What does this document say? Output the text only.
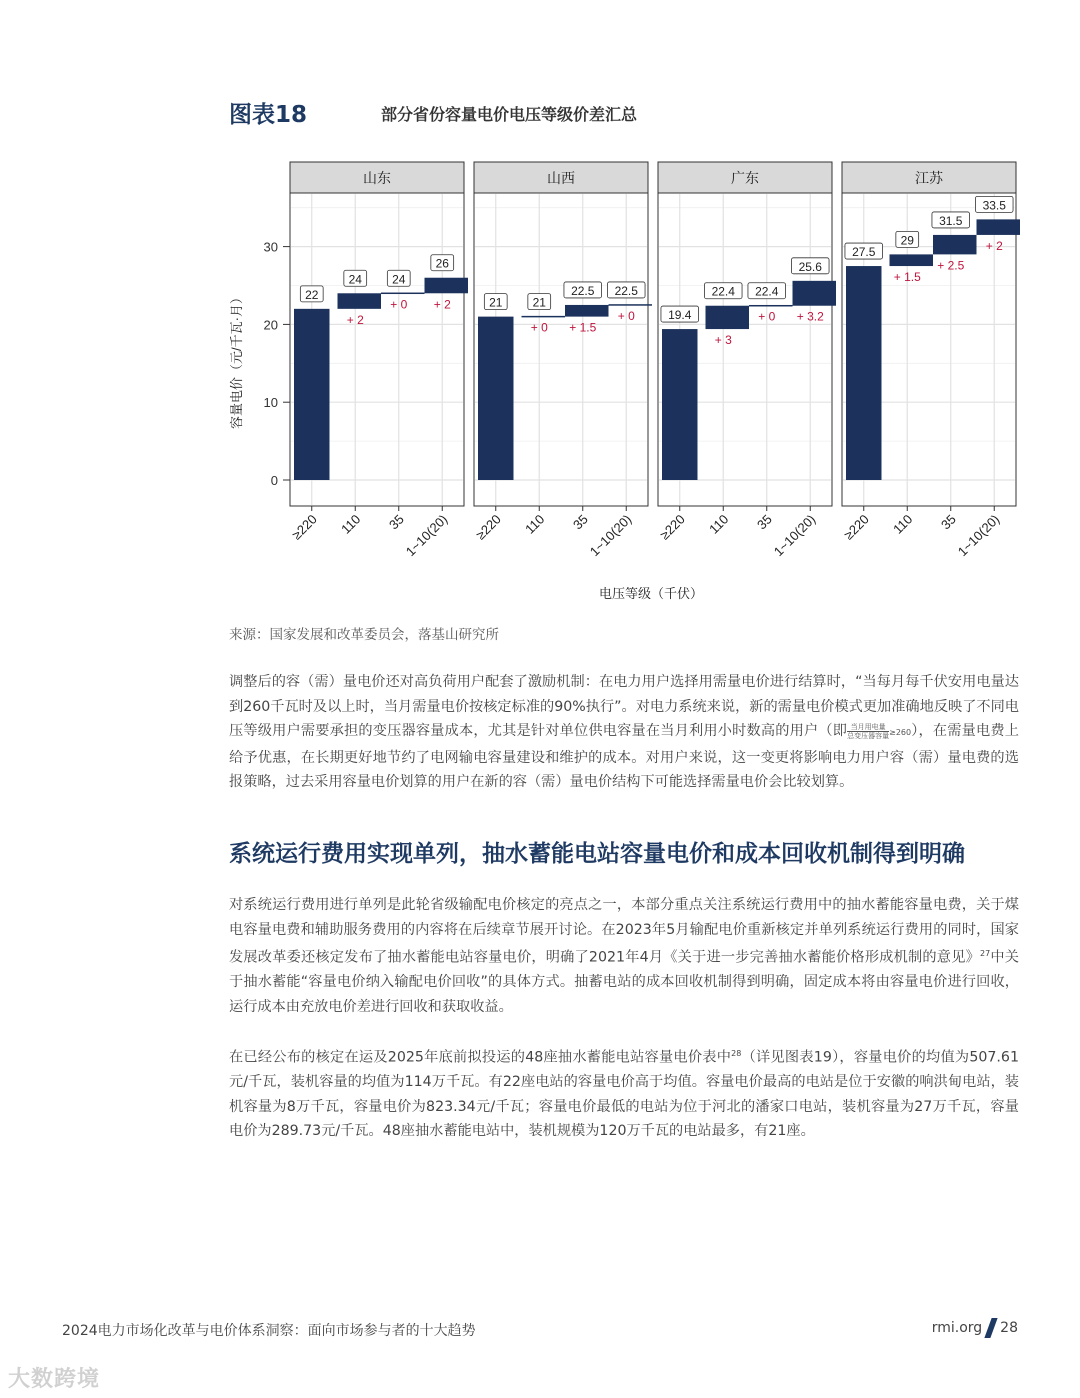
图表18	部分省份容量电价电压等级价差汇总
0
10
20
30
容量电价（元/千瓦·月）
山东
22
24	24
26
+ 2
+ 0 + 2
≥220 110 35
1~10(20)
山西
21	21
22.5 22.5
+ 0 + 1.5
+ 0
≥220 110 35
1~10(20)
广东
19.4
22.4 22.4
25.6
+ 3
+ 0 + 3.2
≥220 110 35
1~10(20)
江苏
27.5
29
31.5
33.5
+ 1.5
+ 2.5
+ 2
≥220 110 35
1~10(20)
电压等级（千伏）
来源：国家发展和改革委员会，落基山研究所
调整后的容（需）量电价还对高负荷用户配套了激励机制：在电力用户选择用需量电价进行结算时，“当每月每千伏安用电量达到260千瓦时及以上时，当月需量电价按核定标准的90%执行”。对电力系统来说，新的需量电价模式更加准确地反映了不同电压等级用户需要承担的变压器容量成本，尤其是针对单位供电容量在当月利用小时数高的用户（即 $\frac{\text{当月用电量}}{\text{总变压器容量}} \ge 260$），在需量电费上给予优惠，在长期更好地节约了电网输电容量建设和维护的成本。对用户来说，这一变更将影响电力用户容（需）量电费的选报策略，过去采用容量电价划算的用户在新的容（需）量电价结构下可能选择需量电价会比较划算。
系统运行费用实现单列，抽水蓄能电站容量电价和成本回收机制得到明确
对系统运行费用进行单列是此轮省级输配电价核定的亮点之一，本部分重点关注系统运行费用中的抽水蓄能容量电费，关于煤电容量电费和辅助服务费用的内容将在后续章节展开讨论。在2023年5月输配电价重新核定并单列系统运行费用的同时，国家发展改革委还核定发布了抽水蓄能电站容量电价，明确了2021年4月《关于进一步完善抽水蓄能价格形成机制的意见》$^{27}$中关于抽水蓄能“容量电价纳入输配电价回收”的具体方式。抽蓄电站的成本回收机制得到明确，固定成本将由容量电价进行回收，运行成本由充放电价差进行回收和获取收益。
在已经公布的核定在运及2025年底前拟投运的48座抽水蓄能电站容量电价表中$^{28}$（详见图表19），容量电价的均值为507.61元/千瓦，装机容量的均值为114万千瓦。有22座电站的容量电价高于均值。容量电价最高的电站是位于安徽的响洪甸电站，装机容量为8万千瓦，容量电价为823.34元/千瓦；容量电价最低的电站为位于河北的潘家口电站，装机容量为27万千瓦，容量电价为289.73元/千瓦。48座抽水蓄能电站中，装机规模为120万千瓦的电站最多，有21座。
2024电力市场化改革与电价体系洞察：面向市场参与者的十大趋势	rmi.org 28
大数跨境
